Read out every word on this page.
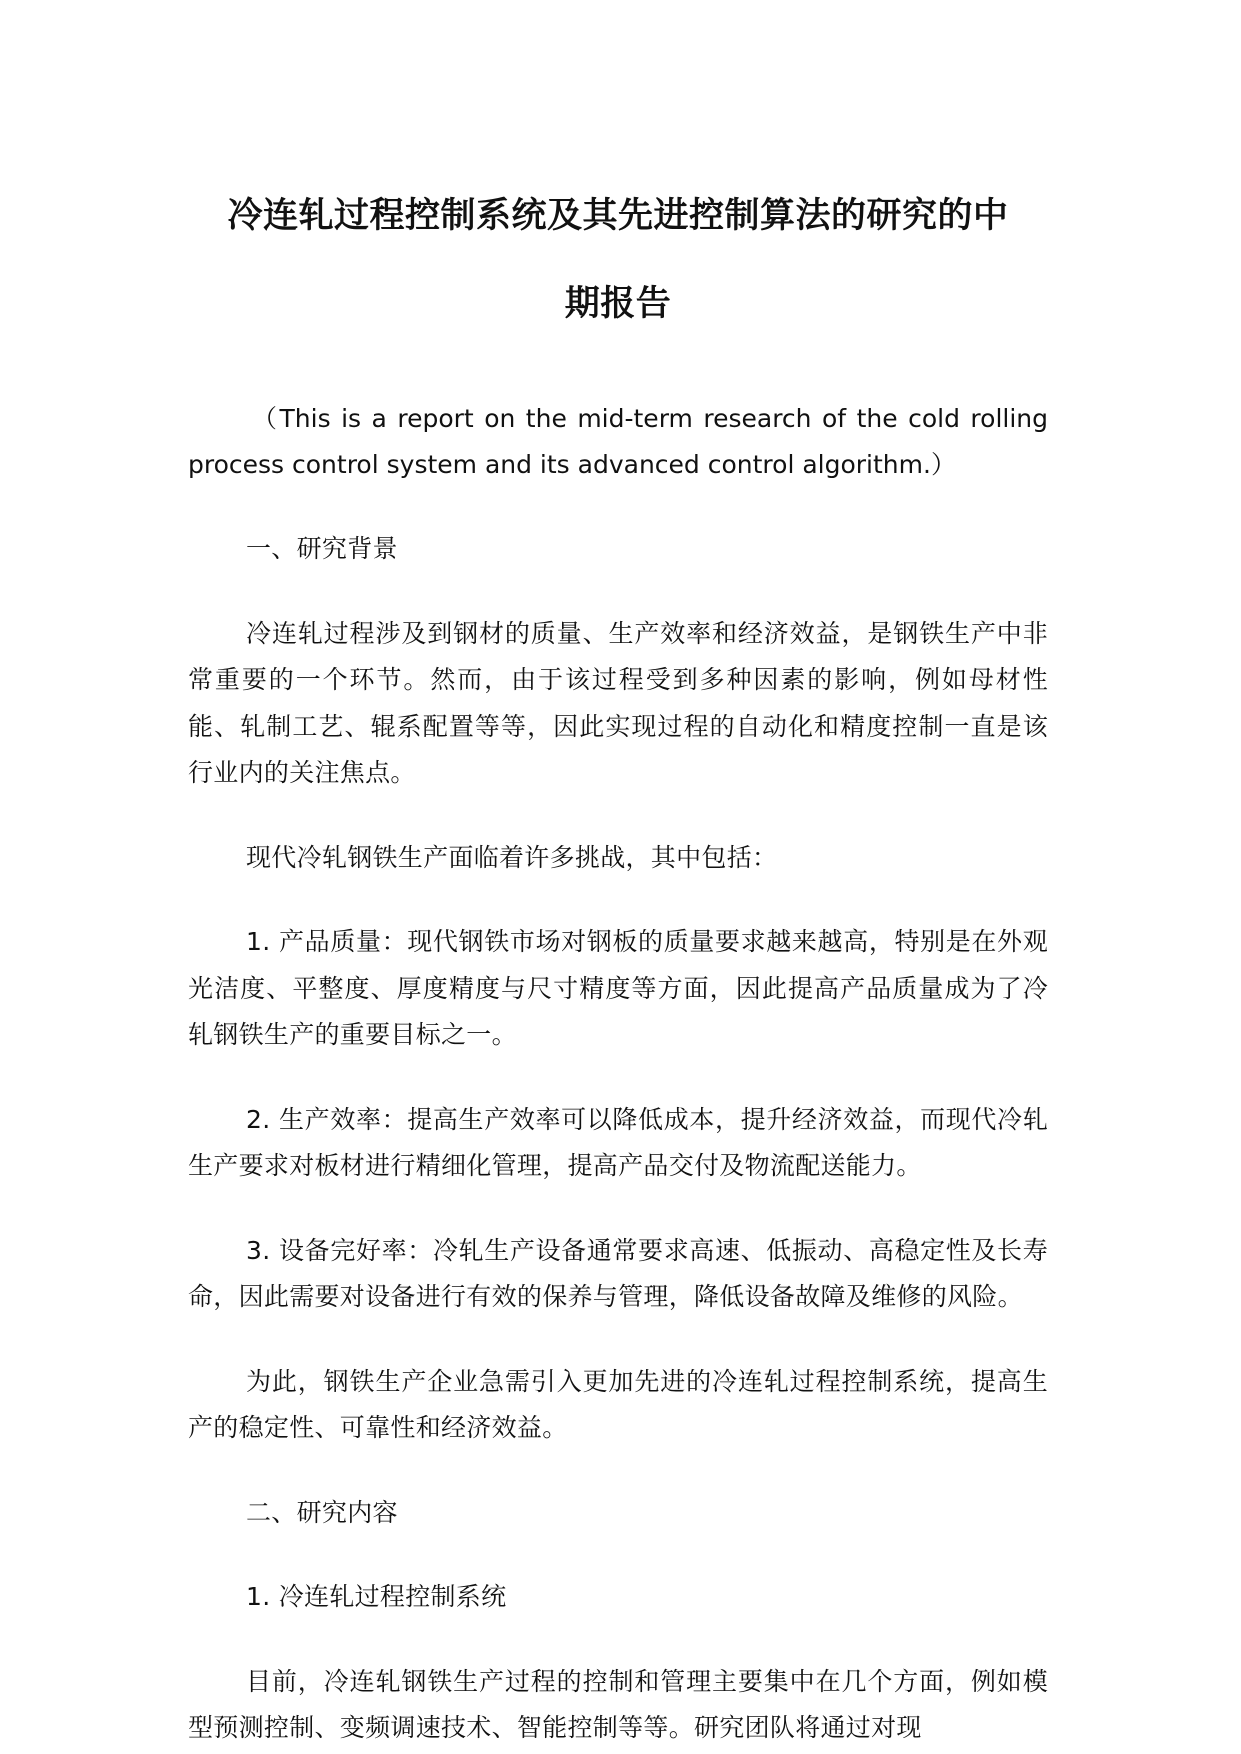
冷连轧过程控制系统及其先进控制算法的研究的中
期报告

（This is a report on the mid-term research of the cold rolling process control system and its advanced control algorithm.）

一、研究背景

冷连轧过程涉及到钢材的质量、生产效率和经济效益，是钢铁生产中非常重要的一个环节。然而，由于该过程受到多种因素的影响，例如母材性能、轧制工艺、辊系配置等等，因此实现过程的自动化和精度控制一直是该行业内的关注焦点。

现代冷轧钢铁生产面临着许多挑战，其中包括：

1. 产品质量：现代钢铁市场对钢板的质量要求越来越高，特别是在外观光洁度、平整度、厚度精度与尺寸精度等方面，因此提高产品质量成为了冷轧钢铁生产的重要目标之一。

2. 生产效率：提高生产效率可以降低成本，提升经济效益，而现代冷轧生产要求对板材进行精细化管理，提高产品交付及物流配送能力。

3. 设备完好率：冷轧生产设备通常要求高速、低振动、高稳定性及长寿命，因此需要对设备进行有效的保养与管理，降低设备故障及维修的风险。

为此，钢铁生产企业急需引入更加先进的冷连轧过程控制系统，提高生产的稳定性、可靠性和经济效益。

二、研究内容

1. 冷连轧过程控制系统

目前，冷连轧钢铁生产过程的控制和管理主要集中在几个方面，例如模型预测控制、变频调速技术、智能控制等等。研究团队将通过对现
